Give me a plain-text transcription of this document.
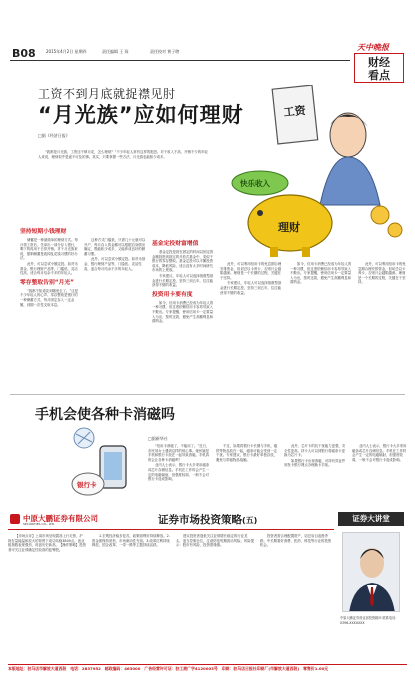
B08	2015年4月2日 星期四	责任编辑 王 琛	责任校对 黄子聘	天中晚报
财经
看点
工资不到月底就捉襟见肘
“月光族”应如何理财
□据《经济日报》
工资
理财
快乐收入

“我都是月光族，工资还不够月花，怎么理财？”不少年轻人常有这样的抱怨。对于收入不高、开销不少的年轻人来说，理财似乎是遥不可及的事。其实，只要掌握一些方法，月光族也能积少成多。

坚持短期小钱理财

储蓄是一种最简单的理财方式。每月领工资后，先拿出一部分存入银行，剩下的再用于日常开销。对于月光族来说，强制储蓄是改掉乱花钱习惯的好办法。

此外，可以尝试小额定投。如货币基金、银行理财产品等，门槛低、灵活性高，适合每月结余不多的年轻人。

零存整取告别“月光”

“钱都不知道花到哪里去了。”这是不少年轻人的心声。零存整取是银行的一种储蓄方式，每月固定存入一定金额，到期一次性支取本息。

这种方式门槛低，只需几十元就可以开户，每月存入的金额可以根据自身情况确定，既能积少成多，又能养成良好的储蓄习惯。

此外，可以尝试小额定投。如货币基金、银行理财产品等，门槛低、灵活性高，适合每月结余不多的年轻人。

基金定投财富增值

基金定投是指在固定的时间以固定的金额投资到指定的开放式基金中，类似于银行的零存整取。基金定投可以平摊投资成本，降低风险，适合没有太多时间研究市场的上班族。

专家建议，年轻人可以选择指数型基金进行长期定投，坚持三到五年，往往能获得不错的收益。

投资用卡要有度

如今，信用卡消费已经成为年轻人的一种习惯，但过度依赖信用卡容易导致入不敷出。专家提醒，使用信用卡一定要量入为出，按时还款，避免产生高额利息和滞纳金。

此外，可以利用信用卡的免息期合理安排资金，但切忌以卡养卡，否则只会越陷越深。理财是一个长期的过程，关键在于坚持。

专家建议，年轻人可以选择指数型基金进行长期定投，坚持三到五年，往往能获得不错的收益。

如今，信用卡消费已经成为年轻人的一种习惯，但过度依赖信用卡容易导致入不敷出。专家提醒，使用信用卡一定要量入为出，按时还款，避免产生高额利息和滞纳金。

此外，可以利用信用卡的免息期合理安排资金，但切忌以卡养卡，否则只会越陷越深。理财是一个长期的过程，关键在于坚持。

手机会使各种卡消磁吗
□据新华社
银行卡

“信用卡消磁了，不能用了。”近日，市民刘女士遇到这样的烦心事。她怀疑是手机和银行卡放在一起导致消磁。手机真的会让各种卡消磁吗？

业内人士表示，银行卡大多采用磁条或芯片存储信息。手机在工作时会产生一定的电磁辐射，但强度较弱，一般不会对银行卡造成影响。

不过，如果将银行卡长期与手机、磁铁等物品放在一起，磁条可能会受到一定干扰。专家建议，银行卡最好单独存放，避免与带磁物品接触。

此外，芯片卡的抗干扰能力更强，安全性更高。持卡人可以到银行将磁条卡更换为芯片卡。

如果银行卡出现消磁，可持有效证件到发卡银行网点办理换卡手续。

业内人士表示，银行卡大多采用磁条或芯片存储信息。手机在工作时会产生一定的电磁辐射，但强度较弱，一般不会对银行卡造成影响。

中原大鹏证券有限公司
SECURITIES CO., LTD.	证券市场投资策略(五)	证券大讲堂

【市场点评】上周市场呈现震荡上行走势，沪指在量能温和放大的背景下成功站稳3800点。创业板指数表现强劲，再创历史新高。【操作策略】投资者可关注业绩确定性较高的蓝筹股。

1.宏观经济稳步复苏，政策面利好持续释放。2.资金面保持宽松，市场流动性充裕。3.改革红利持续释放，国企改革、一带一路等主题持续活跃。

建议投资者逢低关注业绩增长稳定的行业龙头，适当控制仓位，注意防范短期波动风险。风险提示：股市有风险，投资需谨慎。

投资者需合理配置资产，切忌盲目追涨杀跌。中长期看好消费、医药、科技等行业的投资机会。

中原大鹏证券营业部投资顾问 联系电话：0396-XXXXXXX
本版地址：驻马店市解放大道西段　电话：2837952　邮政编码：463000　广告经营许可证：驻工商广字4120003号　印刷：驻马店日报社印刷厂(市解放大道西段)　零售价1.00元
